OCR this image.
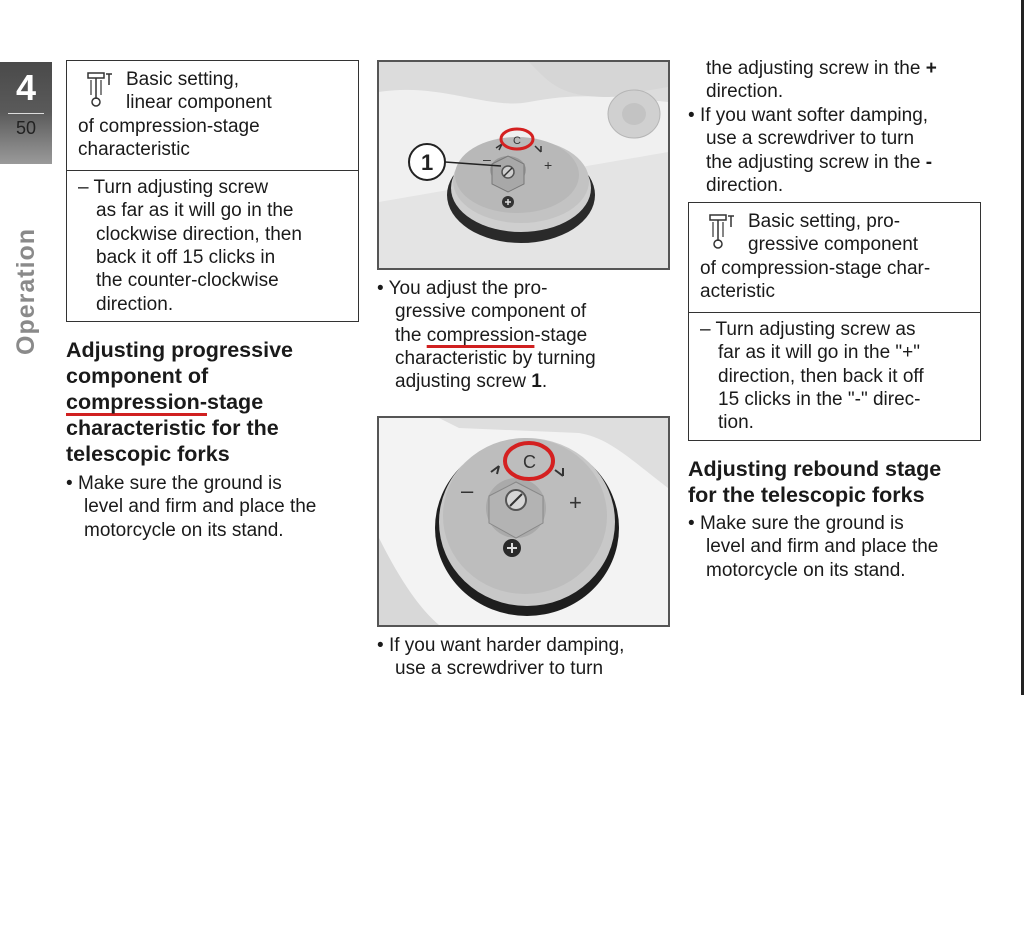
4
50
Operation
Basic setting,
linear component
of compression-stage
characteristic
– Turn adjusting screw
as far as it will go in the
clockwise direction, then
back it off 15 clicks in
the counter-clockwise
direction.
Adjusting progressive
component of
compression-stage
characteristic for the
telescopic forks
• Make sure the ground is
level and firm and place the
motorcycle on its stand.
–	+
C
1
• You adjust the pro-
gressive component of
the compression-stage
characteristic by turning
adjusting screw 1.
–	+
C
• If you want harder damping,
use a screwdriver to turn
the adjusting screw in the +
direction.
• If you want softer damping,
use a screwdriver to turn
the adjusting screw in the -
direction.
Basic setting, pro-
gressive component
of compression-stage char-
acteristic
– Turn adjusting screw as
far as it will go in the "+"
direction, then back it off
15 clicks in the "-" direc-
tion.
Adjusting rebound stage
for the telescopic forks
• Make sure the ground is
level and firm and place the
motorcycle on its stand.
